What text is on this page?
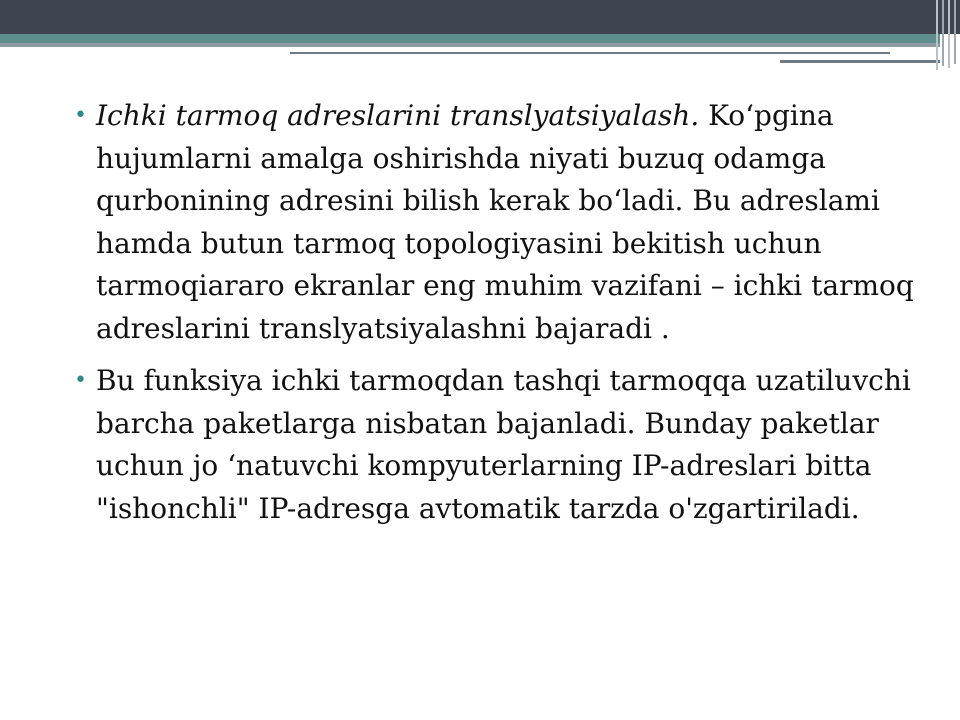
• Ichki tarmoq adreslarini translyatsiyalash. Ko‘pgina hujumlarni amalga oshirishda niyati buzuq odamga qurbonining adresini bilish kerak bo‘ladi. Bu adreslami hamda butun tarmoq topologiyasini bekitish uchun tarmoqiararo ekranlar eng muhim vazifani – ichki tarmoq adreslarini translyatsiyalashni bajaradi .
• Bu funksiya ichki tarmoqdan tashqi tarmoqqa uzatiluvchi barcha paketlarga nisbatan bajanladi. Bunday paketlar uchun jo ‘natuvchi kompyuterlarning IP-adreslari bitta "ishonchli" IP-adresga avtomatik tarzda o'zgartiriladi.
